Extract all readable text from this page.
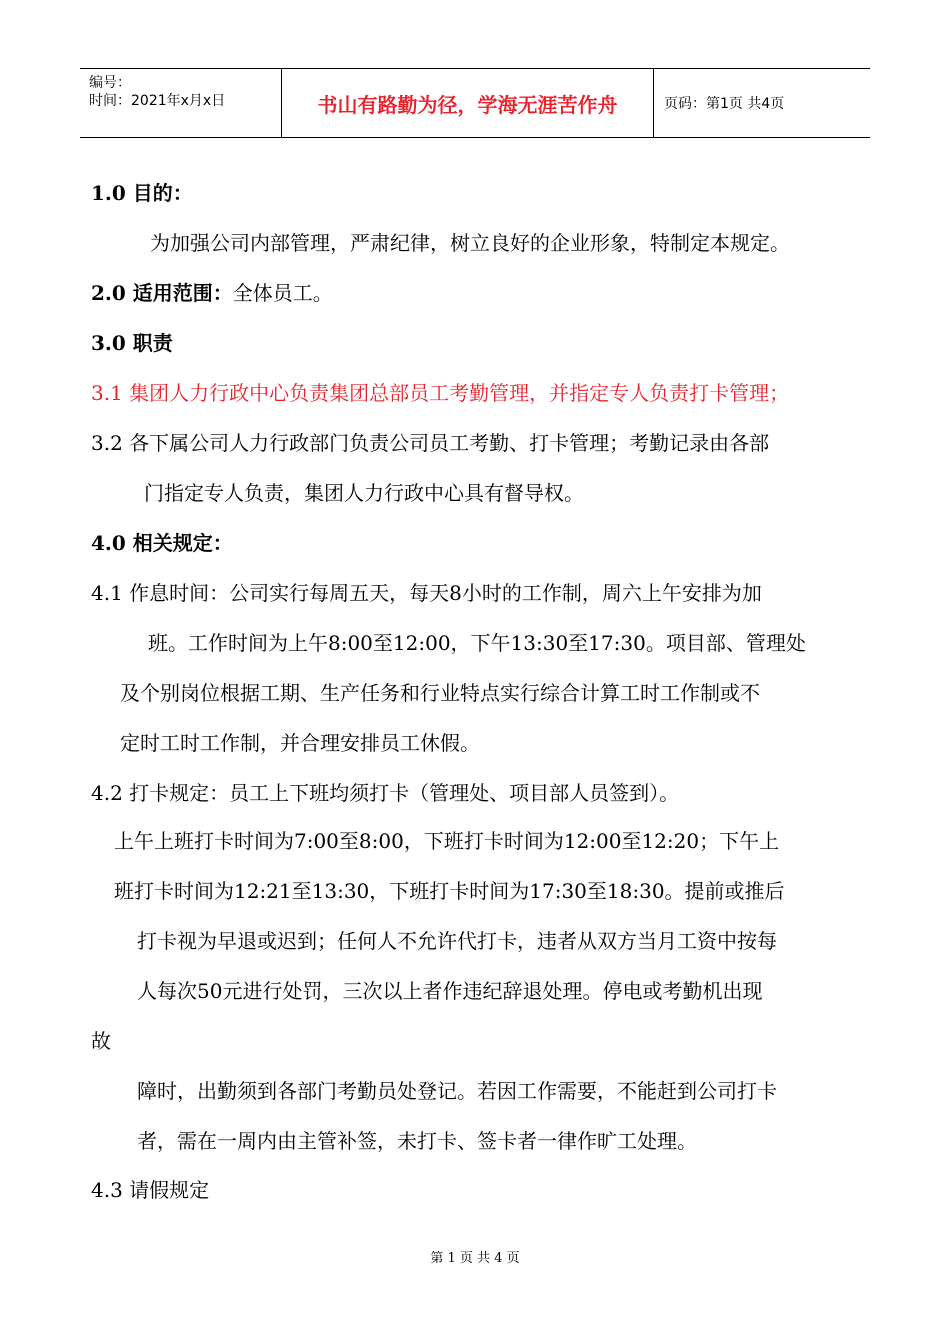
编号：
时间：2021年x月x日	书山有路勤为径，学海无涯苦作舟	页码：第1页 共4页
1.0 目的：
为加强公司内部管理，严肃纪律，树立良好的企业形象，特制定本规定。
2.0 适用范围：全体员工。
3.0 职责
3.1 集团人力行政中心负责集团总部员工考勤管理，并指定专人负责打卡管理；
3.2 各下属公司人力行政部门负责公司员工考勤、打卡管理；考勤记录由各部
门指定专人负责，集团人力行政中心具有督导权。
4.0 相关规定：
4.1 作息时间：公司实行每周五天，每天8小时的工作制，周六上午安排为加
班。工作时间为上午8:00至12:00，下午13:30至17:30。项目部、管理处
及个别岗位根据工期、生产任务和行业特点实行综合计算工时工作制或不
定时工时工作制，并合理安排员工休假。
4.2 打卡规定：员工上下班均须打卡（管理处、项目部人员签到）。
上午上班打卡时间为7:00至8:00，下班打卡时间为12:00至12:20；下午上
班打卡时间为12:21至13:30，下班打卡时间为17:30至18:30。提前或推后
打卡视为早退或迟到；任何人不允许代打卡，违者从双方当月工资中按每
人每次50元进行处罚，三次以上者作违纪辞退处理。停电或考勤机出现
故
障时，出勤须到各部门考勤员处登记。若因工作需要，不能赶到公司打卡
者，需在一周内由主管补签，未打卡、签卡者一律作旷工处理。
4.3 请假规定
第 1 页 共 4 页
